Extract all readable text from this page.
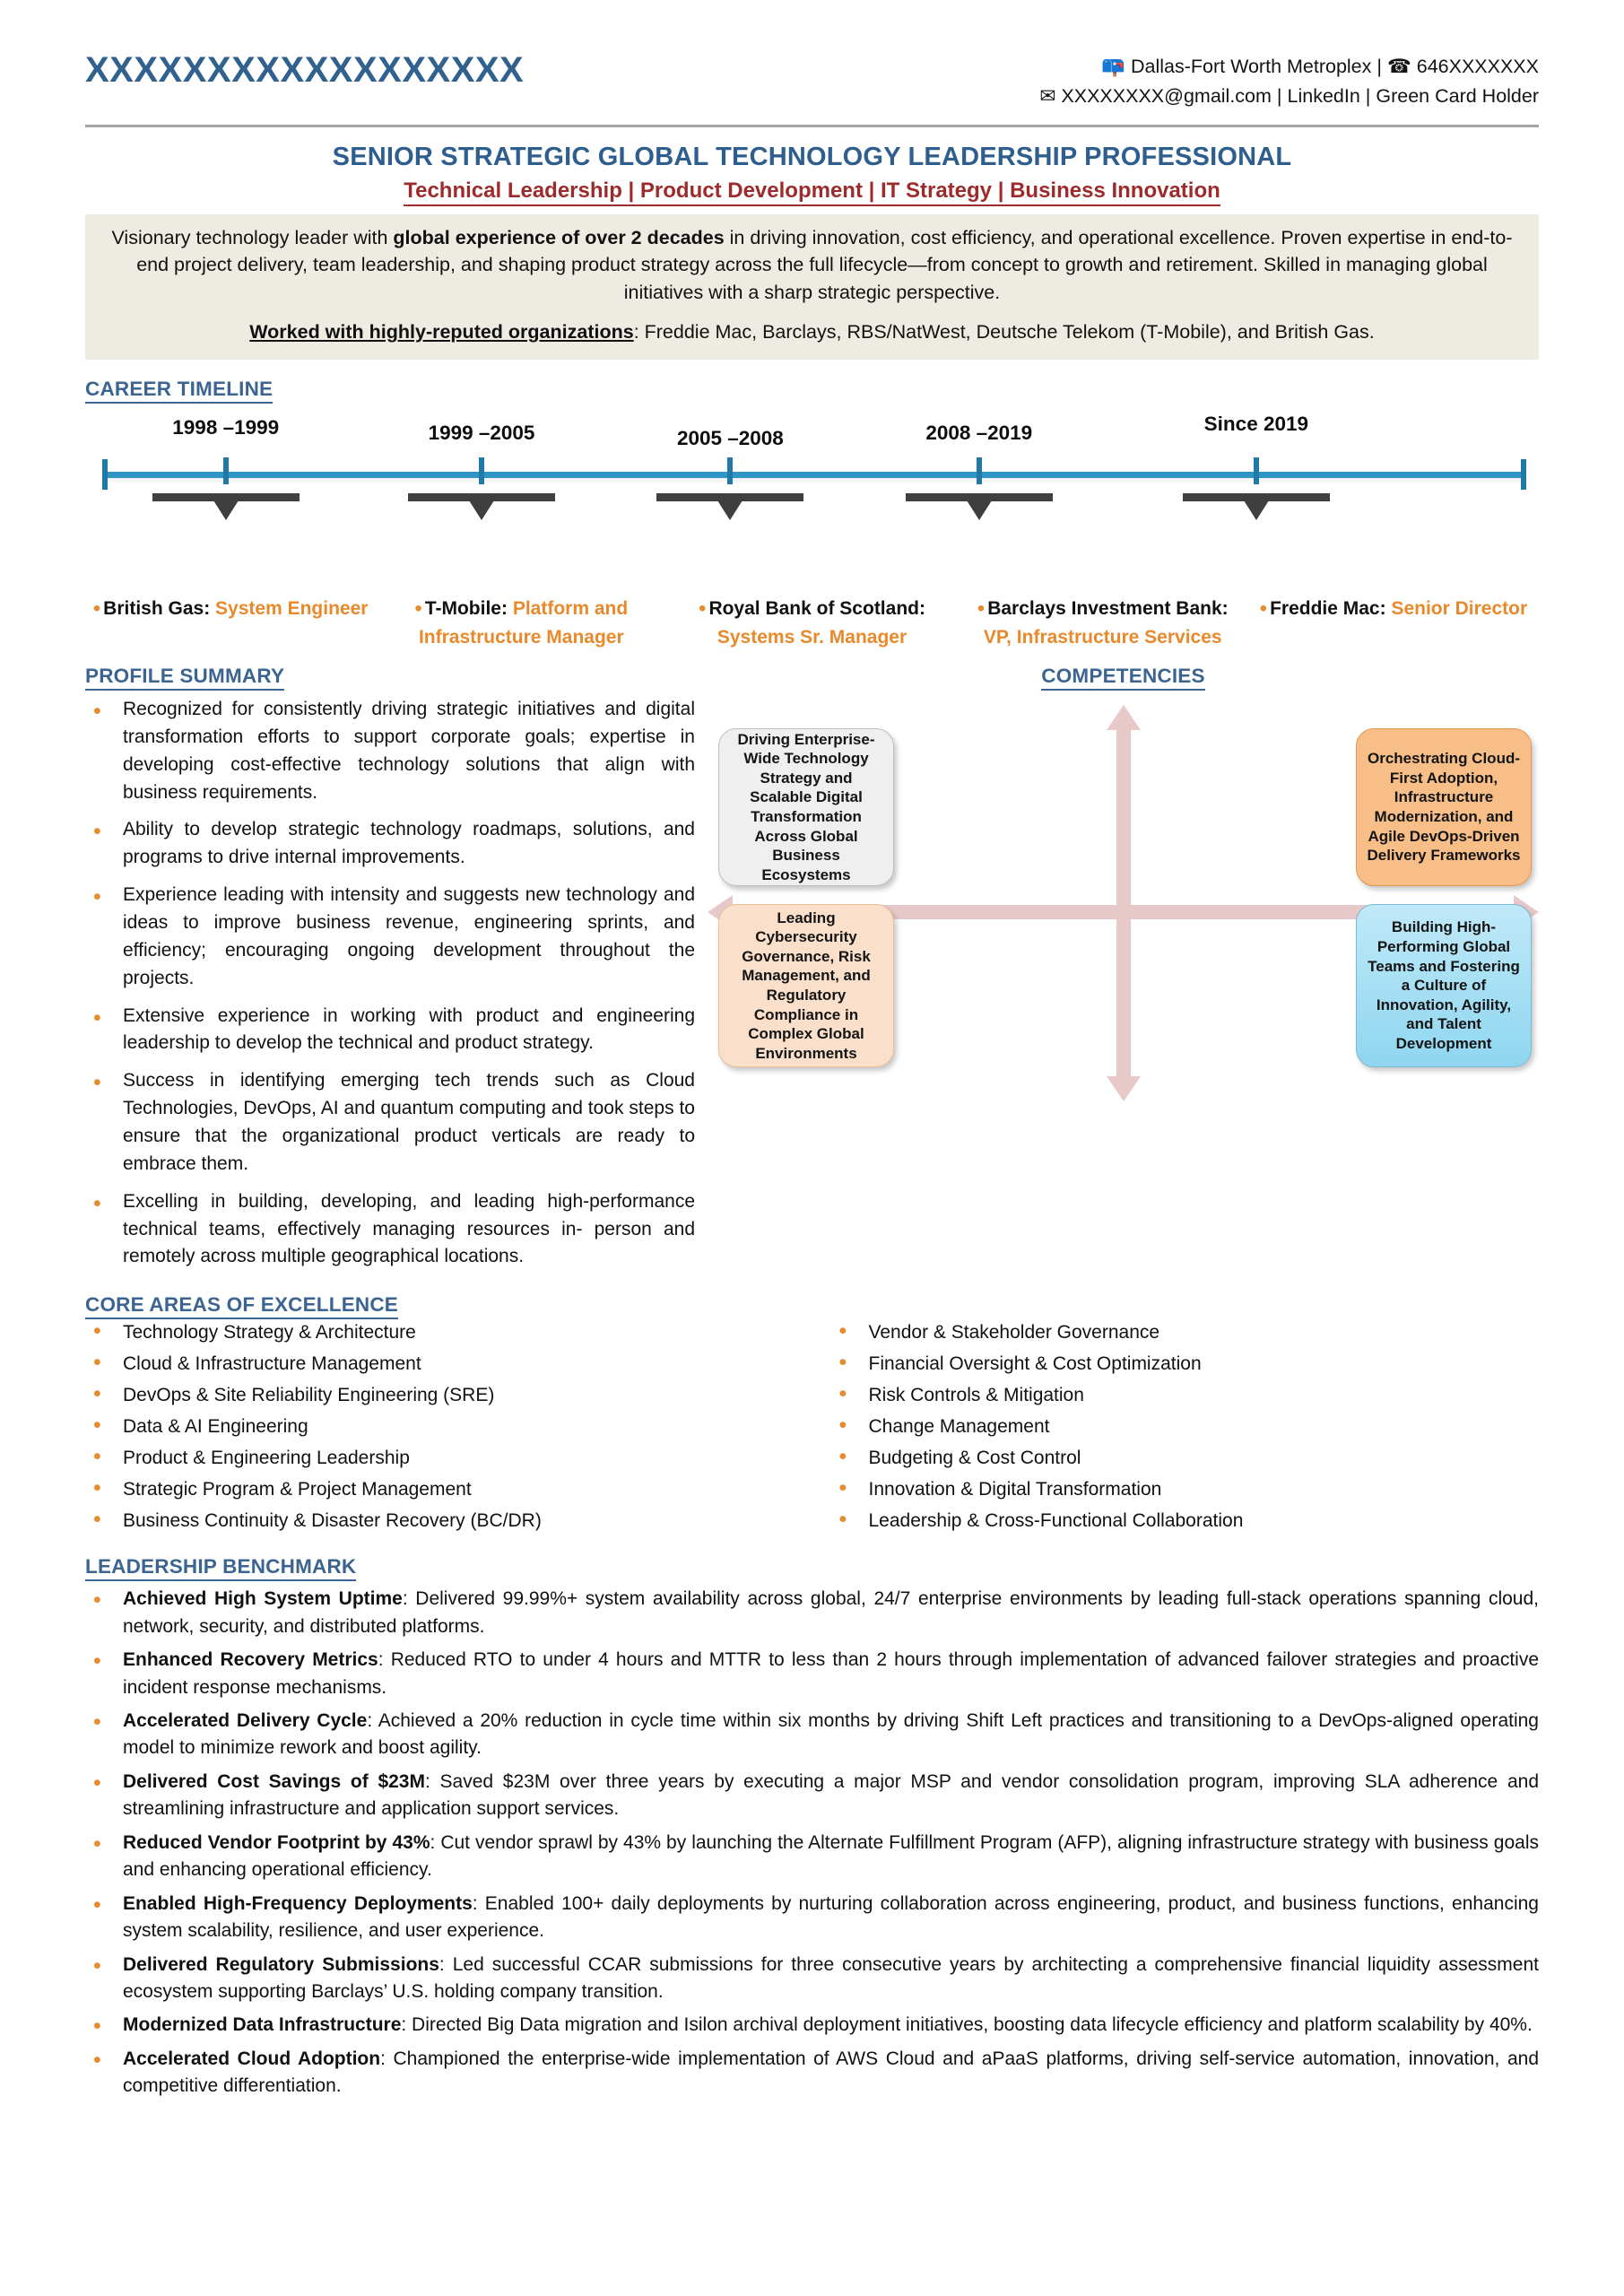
XXXXXXXXXXXXXXXXXX	📪 Dallas-Fort Worth Metroplex | ☎ 646XXXXXXX
✉ XXXXXXXX@gmail.com | LinkedIn | Green Card Holder
SENIOR STRATEGIC GLOBAL TECHNOLOGY LEADERSHIP PROFESSIONAL
Technical Leadership | Product Development | IT Strategy | Business Innovation

Visionary technology leader with global experience of over 2 decades in driving innovation, cost efficiency, and operational excellence. Proven expertise in end-to-end project delivery, team leadership, and shaping product strategy across the full lifecycle—from concept to growth and retirement. Skilled in managing global initiatives with a sharp strategic perspective.

Worked with highly-reputed organizations: Freddie Mac, Barclays, RBS/NatWest, Deutsche Telekom (T-Mobile), and British Gas.

CAREER TIMELINE
1998 –1999	1999 –2005	2005 –2008	2008 –2019	Since 2019
• British Gas: System Engineer	• T-Mobile: Platform and Infrastructure Manager
• Royal Bank of Scotland: Systems Sr. Manager
• Barclays Investment Bank: VP, Infrastructure Services
• Freddie Mac: Senior Director
PROFILE SUMMARY
• Recognized for consistently driving strategic initiatives and digital transformation efforts to support corporate goals; expertise in developing cost-effective technology solutions that align with business requirements.
• Ability to develop strategic technology roadmaps, solutions, and programs to drive internal improvements.
• Experience leading with intensity and suggests new technology and ideas to improve business revenue, engineering sprints, and efficiency; encouraging ongoing development throughout the projects.
• Extensive experience in working with product and engineering leadership to develop the technical and product strategy.
• Success in identifying emerging tech trends such as Cloud Technologies, DevOps, AI and quantum computing and took steps to ensure that the organizational product verticals are ready to embrace them.
• Excelling in building, developing, and leading high-performance technical teams, effectively managing resources in- person and remotely across multiple geographical locations.
COMPETENCIES
Driving Enterprise-Wide Technology Strategy and Scalable Digital Transformation Across Global Business Ecosystems
Orchestrating Cloud-First Adoption, Infrastructure Modernization, and Agile DevOps-Driven Delivery Frameworks
Leading Cybersecurity Governance, Risk Management, and Regulatory Compliance in Complex Global Environments
Building High-Performing Global Teams and Fostering a Culture of Innovation, Agility, and Talent Development
CORE AREAS OF EXCELLENCE
• Technology Strategy & Architecture
• Cloud & Infrastructure Management
• DevOps & Site Reliability Engineering (SRE)
• Data & AI Engineering
• Product & Engineering Leadership
• Strategic Program & Project Management
• Business Continuity & Disaster Recovery (BC/DR)
• Vendor & Stakeholder Governance
• Financial Oversight & Cost Optimization
• Risk Controls & Mitigation
• Change Management
• Budgeting & Cost Control
• Innovation & Digital Transformation
• Leadership & Cross-Functional Collaboration
LEADERSHIP BENCHMARK
• Achieved High System Uptime: Delivered 99.99%+ system availability across global, 24/7 enterprise environments by leading full-stack operations spanning cloud, network, security, and distributed platforms.
• Enhanced Recovery Metrics: Reduced RTO to under 4 hours and MTTR to less than 2 hours through implementation of advanced failover strategies and proactive incident response mechanisms.
• Accelerated Delivery Cycle: Achieved a 20% reduction in cycle time within six months by driving Shift Left practices and transitioning to a DevOps-aligned operating model to minimize rework and boost agility.
• Delivered Cost Savings of $23M: Saved $23M over three years by executing a major MSP and vendor consolidation program, improving SLA adherence and streamlining infrastructure and application support services.
• Reduced Vendor Footprint by 43%: Cut vendor sprawl by 43% by launching the Alternate Fulfillment Program (AFP), aligning infrastructure strategy with business goals and enhancing operational efficiency.
• Enabled High-Frequency Deployments: Enabled 100+ daily deployments by nurturing collaboration across engineering, product, and business functions, enhancing system scalability, resilience, and user experience.
• Delivered Regulatory Submissions: Led successful CCAR submissions for three consecutive years by architecting a comprehensive financial liquidity assessment ecosystem supporting Barclays’ U.S. holding company transition.
• Modernized Data Infrastructure: Directed Big Data migration and Isilon archival deployment initiatives, boosting data lifecycle efficiency and platform scalability by 40%.
• Accelerated Cloud Adoption: Championed the enterprise-wide implementation of AWS Cloud and aPaaS platforms, driving self-service automation, innovation, and competitive differentiation.
